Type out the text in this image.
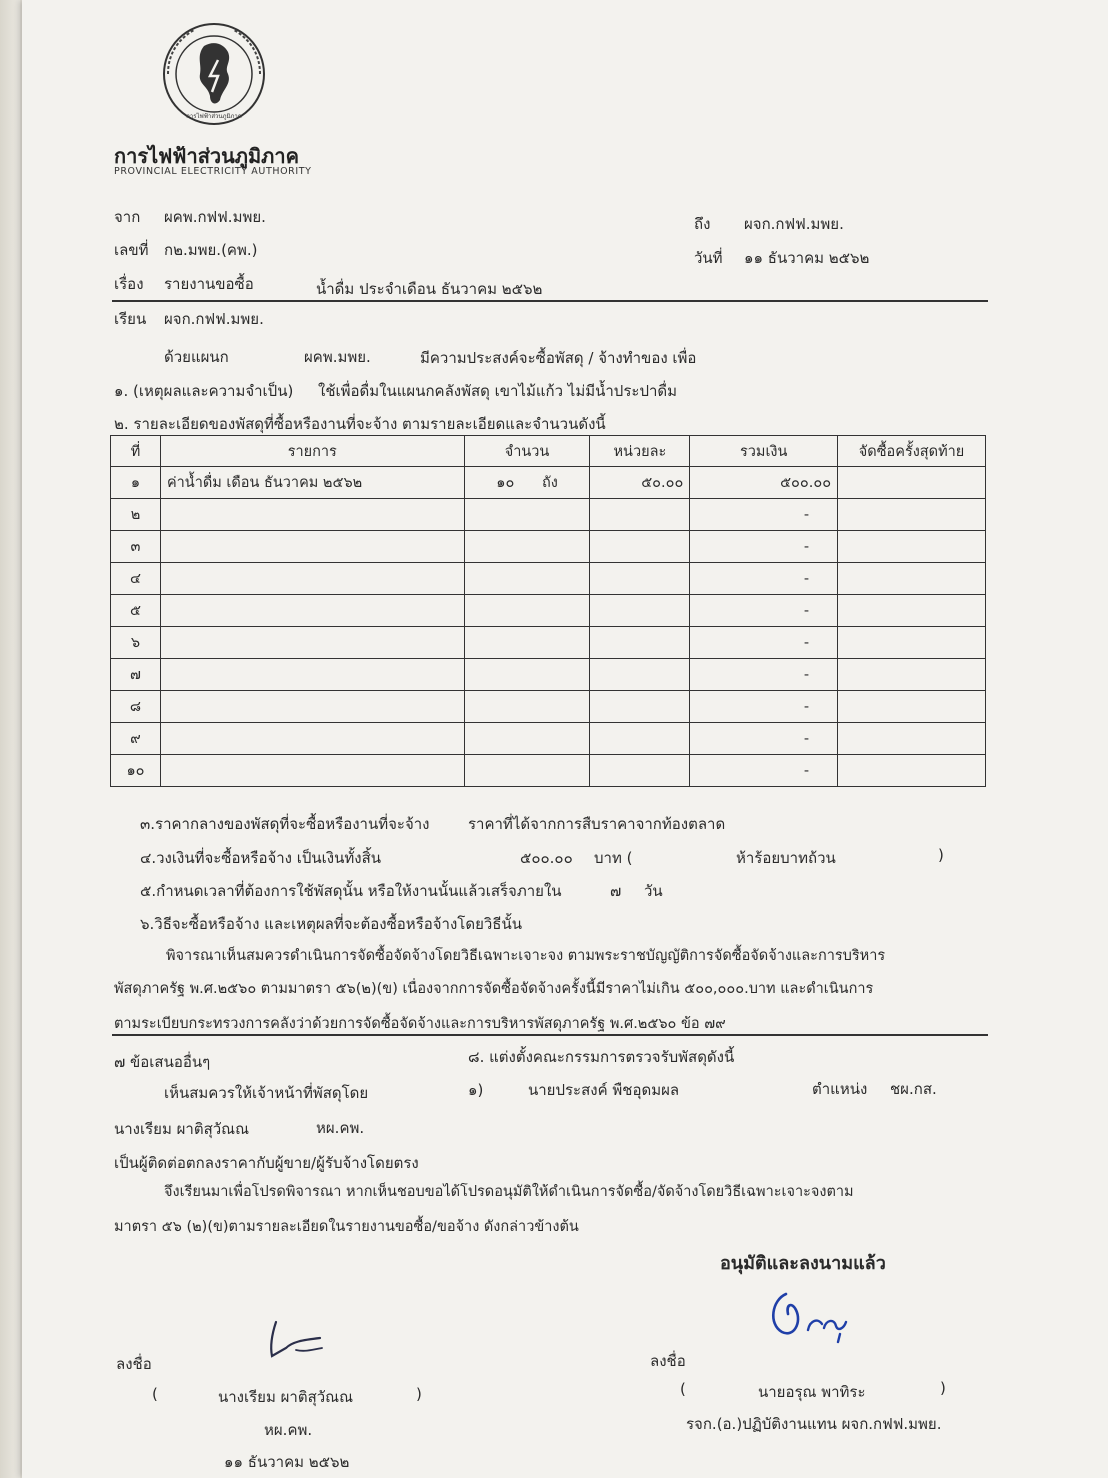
การไฟฟ้าส่วนภูมิภาค
การไฟฟ้าส่วนภูมิภาค
PROVINCIAL ELECTRICITY AUTHORITY
จาก ผคพ.กฟฟ.มพย.	ถึง ผจก.กฟฟ.มพย.
เลขที่ ก๒.มพย.(คพ.)	วันที่ ๑๑ ธันวาคม ๒๕๖๒
เรื่อง รายงานขอซื้อ	น้ำดื่ม ประจำเดือน ธันวาคม ๒๕๖๒
เรียน ผจก.กฟฟ.มพย.
ด้วยแผนก	ผคพ.มพย.	มีความประสงค์จะซื้อพัสดุ / จ้างทำของ เพื่อ
๑. (เหตุผลและความจำเป็น) ใช้เพื่อดื่มในแผนกคลังพัสดุ เขาไม้แก้ว ไม่มีน้ำประปาดื่ม
๒. รายละเอียดของพัสดุที่ซื้อหรืองานที่จะจ้าง ตามรายละเอียดและจำนวนดังนี้
ที่	รายการ	จำนวน	หน่วยละ	รวมเงิน	จัดซื้อครั้งสุดท้าย
๑	ค่าน้ำดื่ม เดือน ธันวาคม ๒๕๖๒	๑๐ ถัง	๕๐.๐๐	๕๐๐.๐๐	
๒				-	
๓				-	
๔				-	
๕				-	
๖				-	
๗				-	
๘				-	
๙				-	
๑๐				-	
๓.ราคากลางของพัสดุที่จะซื้อหรืองานที่จะจ้าง	ราคาที่ได้จากการสืบราคาจากท้องตลาด
๔.วงเงินที่จะซื้อหรือจ้าง เป็นเงินทั้งสิ้น	๕๐๐.๐๐ บาท (	ห้าร้อยบาทถ้วน	)
๕.กำหนดเวลาที่ต้องการใช้พัสดุนั้น หรือให้งานนั้นแล้วเสร็จภายใน	๗ วัน
๖.วิธีจะซื้อหรือจ้าง และเหตุผลที่จะต้องซื้อหรือจ้างโดยวิธีนั้น
พิจารณาเห็นสมควรดำเนินการจัดซื้อจัดจ้างโดยวิธีเฉพาะเจาะจง ตามพระราชบัญญัติการจัดซื้อจัดจ้างและการบริหาร
พัสดุภาครัฐ พ.ศ.๒๕๖๐ ตามมาตรา ๕๖(๒)(ข) เนื่องจากการจัดซื้อจัดจ้างครั้งนี้มีราคาไม่เกิน ๕๐๐,๐๐๐.บาท และดำเนินการ
ตามระเบียบกระทรวงการคลังว่าด้วยการจัดซื้อจัดจ้างและการบริหารพัสดุภาครัฐ พ.ศ.๒๕๖๐ ข้อ ๗๙
๗ ข้อเสนออื่นๆ	๘. แต่งตั้งคณะกรรมการตรวจรับพัสดุดังนี้
เห็นสมควรให้เจ้าหน้าที่พัสดุโดย	๑)	นายประสงค์ พืชอุดมผล	ตำแหน่ง ชผ.กส.
นางเรียม ผาติสุวัณณ	หผ.คพ.
เป็นผู้ติดต่อตกลงราคากับผู้ขาย/ผู้รับจ้างโดยตรง
จึงเรียนมาเพื่อโปรดพิจารณา หากเห็นชอบขอได้โปรดอนุมัติให้ดำเนินการจัดซื้อ/จัดจ้างโดยวิธีเฉพาะเจาะจงตาม
มาตรา ๕๖ (๒)(ข)ตามรายละเอียดในรายงานขอซื้อ/ขอจ้าง ดังกล่าวข้างต้น
อนุมัติและลงนามแล้ว
ลงชื่อ
(	นางเรียม ผาติสุวัณณ	)
หผ.คพ.
๑๑ ธันวาคม ๒๕๖๒
ลงชื่อ
(	นายอรุณ พาทิระ	)
รจก.(อ.)ปฏิบัติงานแทน ผจก.กฟฟ.มพย.
